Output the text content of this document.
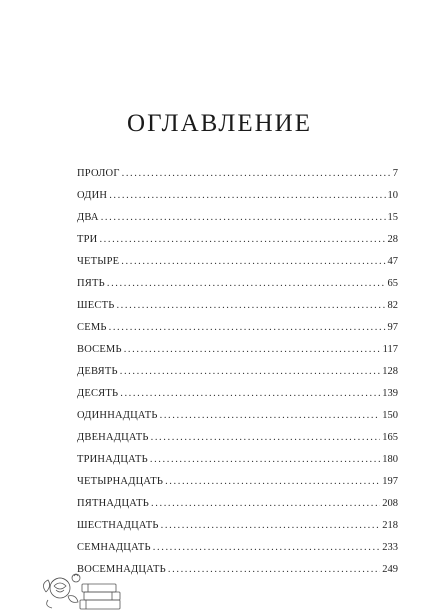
ОГЛАВЛЕНИЕ
ПРОЛОГ .....	7
ОДИН .....	10
ДВА .....	15
ТРИ .....	28
ЧЕТЫРЕ .....	47
ПЯТЬ .....	65
ШЕСТЬ .....	82
СЕМЬ .....	97
ВОСЕМЬ .....	117
ДЕВЯТЬ .....	128
ДЕСЯТЬ .....	139
ОДИННАДЦАТЬ .....	150
ДВЕНАДЦАТЬ .....	165
ТРИНАДЦАТЬ .....	180
ЧЕТЫРНАДЦАТЬ .....	197
ПЯТНАДЦАТЬ .....	208
ШЕСТНАДЦАТЬ .....	218
СЕМНАДЦАТЬ .....	233
ВОСЕМНАДЦАТЬ .....	249
